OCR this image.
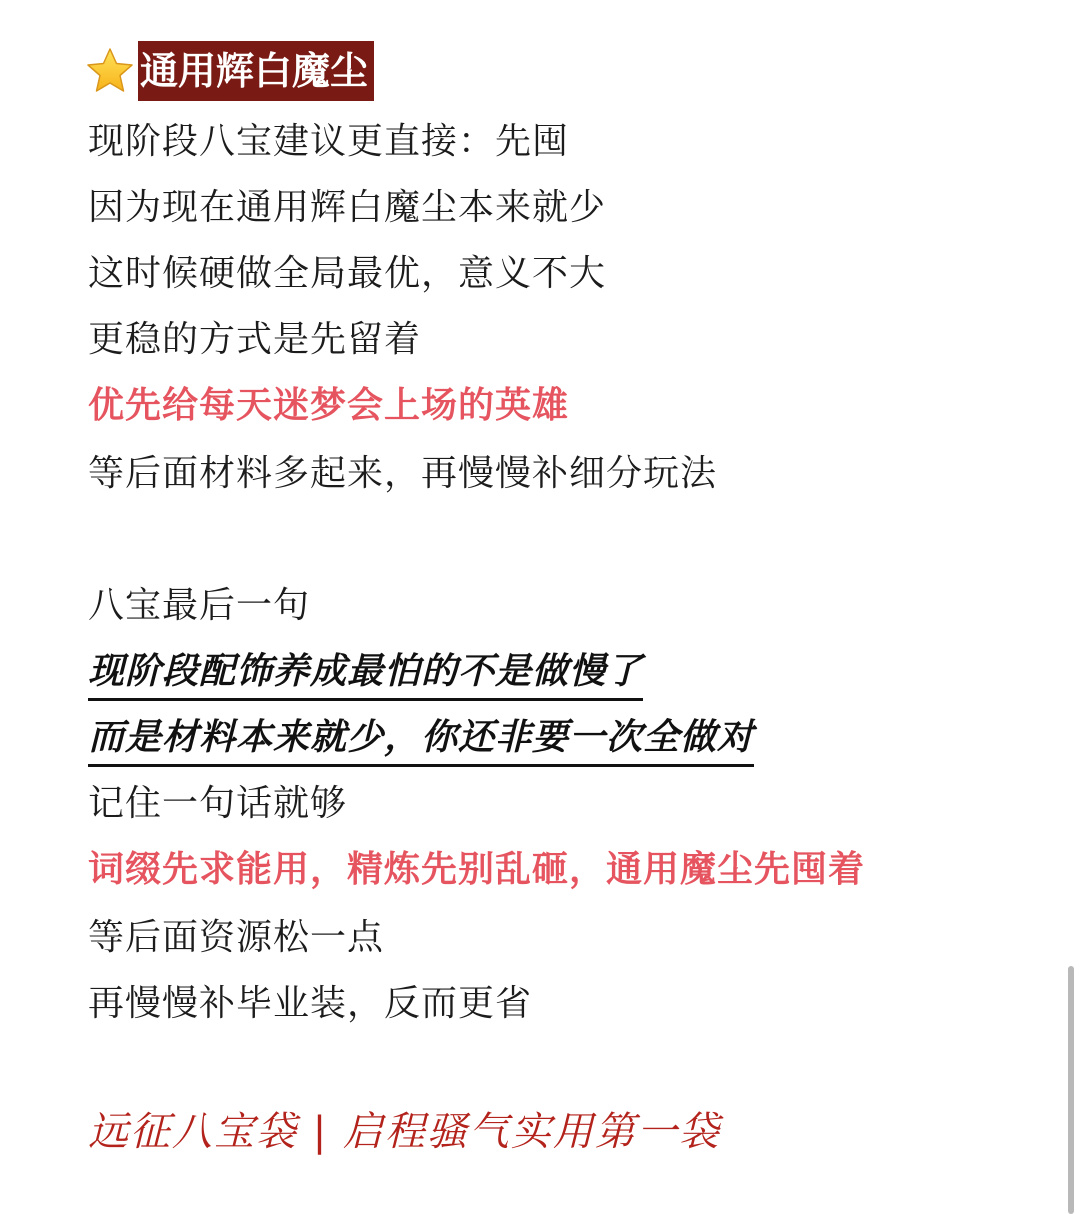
通用辉白魔尘
现阶段八宝建议更直接：先囤
因为现在通用辉白魔尘本来就少
这时候硬做全局最优，意义不大
更稳的方式是先留着
优先给每天迷梦会上场的英雄
等后面材料多起来，再慢慢补细分玩法
八宝最后一句
现阶段配饰养成最怕的不是做慢了
而是材料本来就少，你还非要一次全做对
记住一句话就够
词缀先求能用，精炼先别乱砸，通用魔尘先囤着
等后面资源松一点
再慢慢补毕业装，反而更省
远征八宝袋 | 启程骚气实用第一袋
